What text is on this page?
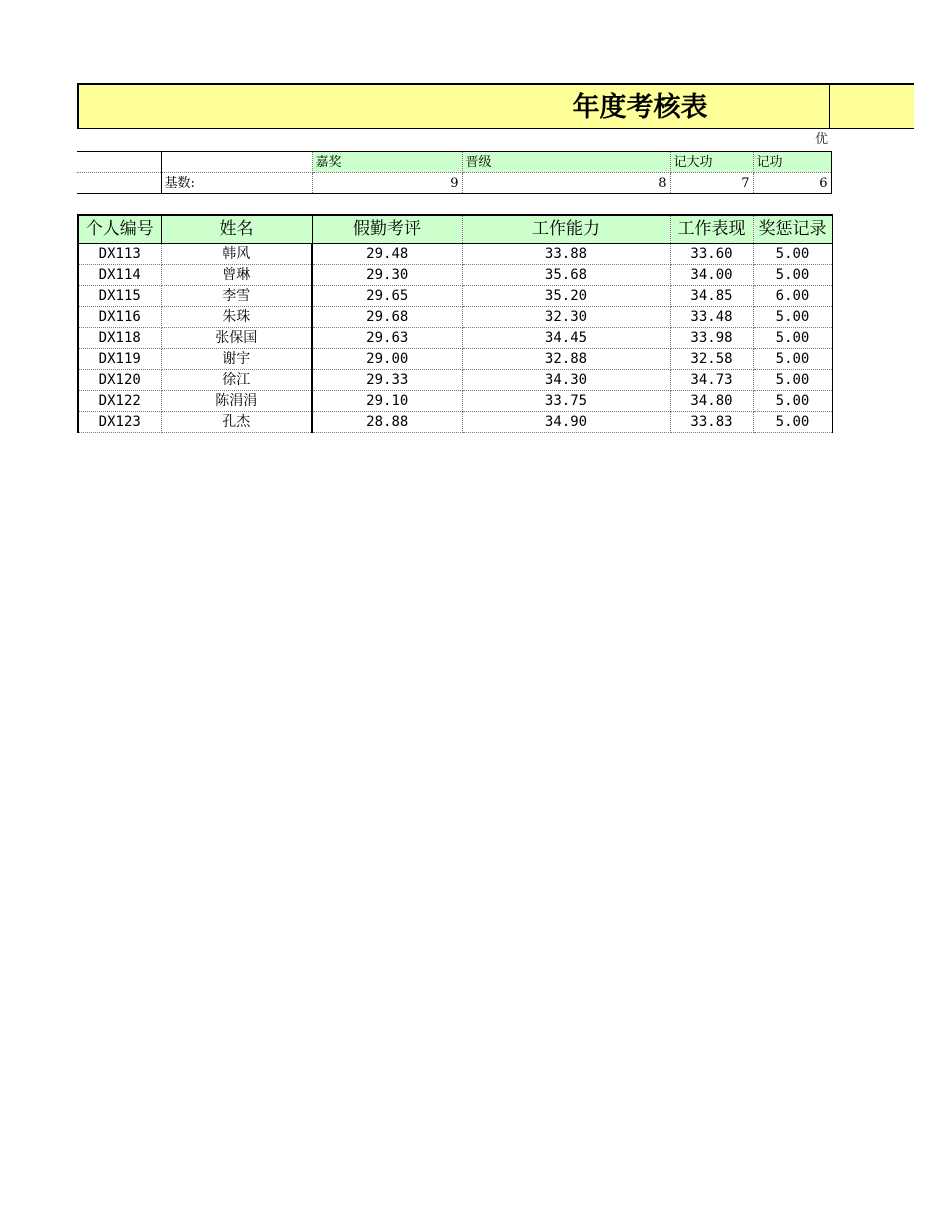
年度考核表
优
		嘉奖	晋级	记大功	记功
	基数:	9	8	7	6
个人编号	姓名	假勤考评	工作能力	工作表现	奖惩记录
DX113	韩风	29.48	33.88	33.60	5.00
DX114	曾琳	29.30	35.68	34.00	5.00
DX115	李雪	29.65	35.20	34.85	6.00
DX116	朱珠	29.68	32.30	33.48	5.00
DX118	张保国	29.63	34.45	33.98	5.00
DX119	谢宇	29.00	32.88	32.58	5.00
DX120	徐江	29.33	34.30	34.73	5.00
DX122	陈涓涓	29.10	33.75	34.80	5.00
DX123	孔杰	28.88	34.90	33.83	5.00
